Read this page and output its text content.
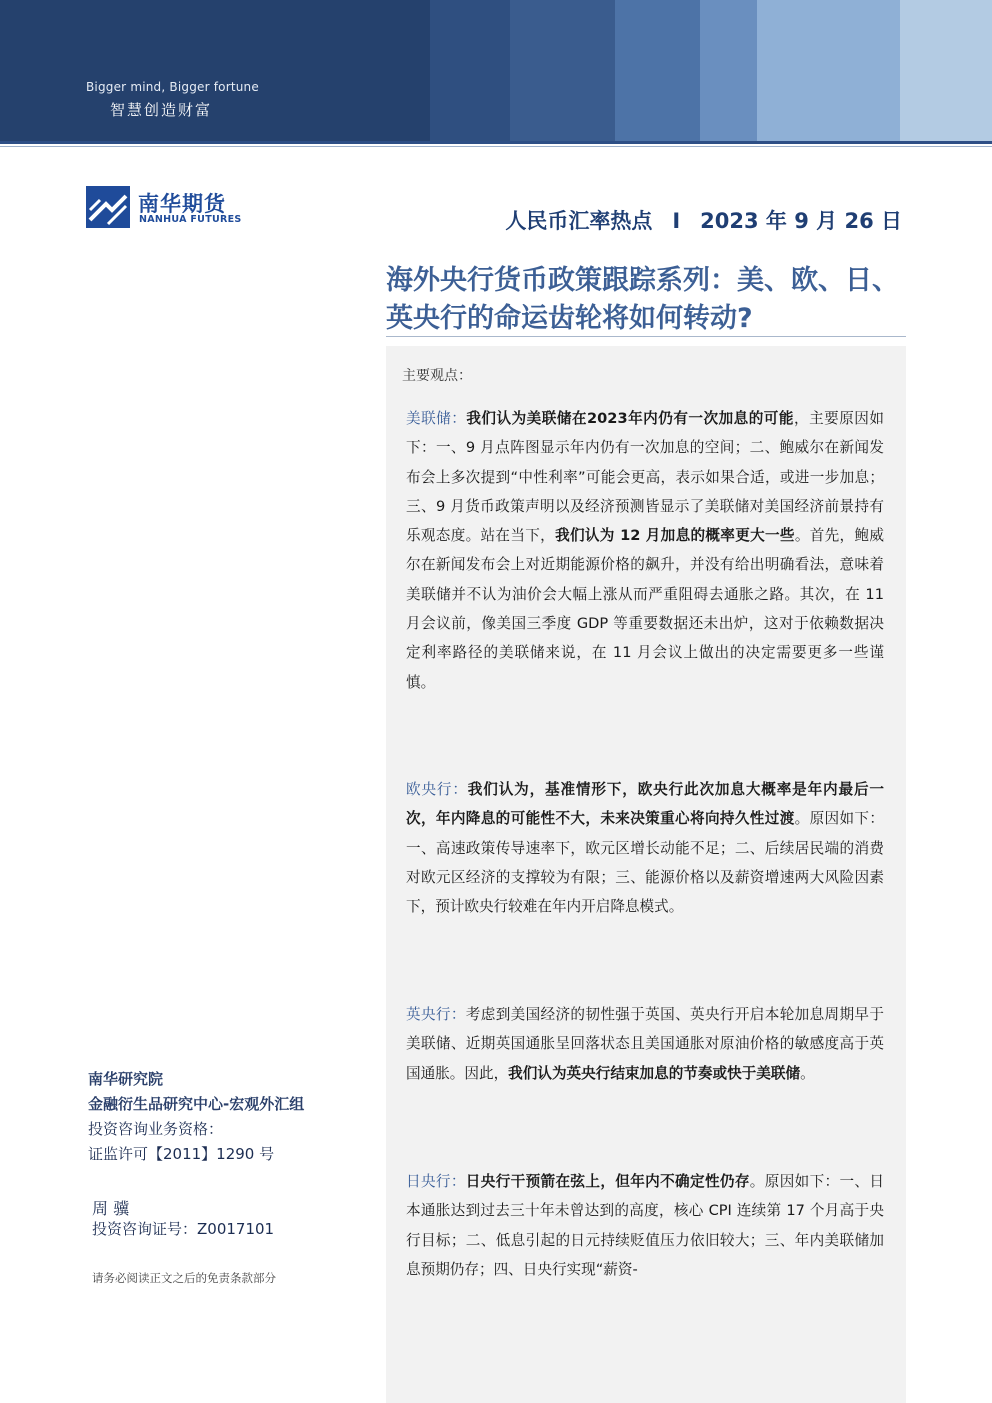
Bigger mind, Bigger fortune
智慧创造财富
南华期货
NANHUA FUTURES	人民币汇率热点 I 2023 年 9 月 26 日
海外央行货币政策跟踪系列：美、欧、日、英央行的命运齿轮将如何转动?
主要观点：
美联储：我们认为美联储在2023年内仍有一次加息的可能，主要原因如下：一、9 月点阵图显示年内仍有一次加息的空间；二、鲍威尔在新闻发布会上多次提到“中性利率”可能会更高，表示如果合适，或进一步加息；三、9 月货币政策声明以及经济预测皆显示了美联储对美国经济前景持有乐观态度。站在当下，我们认为 12 月加息的概率更大一些。首先，鲍威尔在新闻发布会上对近期能源价格的飙升，并没有给出明确看法，意味着美联储并不认为油价会大幅上涨从而严重阻碍去通胀之路。其次，在 11 月会议前，像美国三季度 GDP 等重要数据还未出炉，这对于依赖数据决定利率路径的美联储来说，在 11 月会议上做出的决定需要更多一些谨慎。
欧央行：我们认为，基准情形下，欧央行此次加息大概率是年内最后一次，年内降息的可能性不大，未来决策重心将向持久性过渡。原因如下：一、高速政策传导速率下，欧元区增长动能不足；二、后续居民端的消费对欧元区经济的支撑较为有限；三、能源价格以及薪资增速两大风险因素下，预计欧央行较难在年内开启降息模式。
英央行：考虑到美国经济的韧性强于英国、英央行开启本轮加息周期早于美联储、近期英国通胀呈回落状态且美国通胀对原油价格的敏感度高于英国通胀。因此，我们认为英央行结束加息的节奏或快于美联储。
日央行：日央行干预箭在弦上，但年内不确定性仍存。原因如下：一、日本通胀达到过去三十年未曾达到的高度，核心 CPI 连续第 17 个月高于央行目标；二、低息引起的日元持续贬值压力依旧较大；三、年内美联储加息预期仍存；四、日央行实现“薪资-
南华研究院
金融衍生品研究中心-宏观外汇组
投资咨询业务资格：
证监许可【2011】1290 号
周 骥
投资咨询证号：Z0017101
请务必阅读正文之后的免责条款部分
